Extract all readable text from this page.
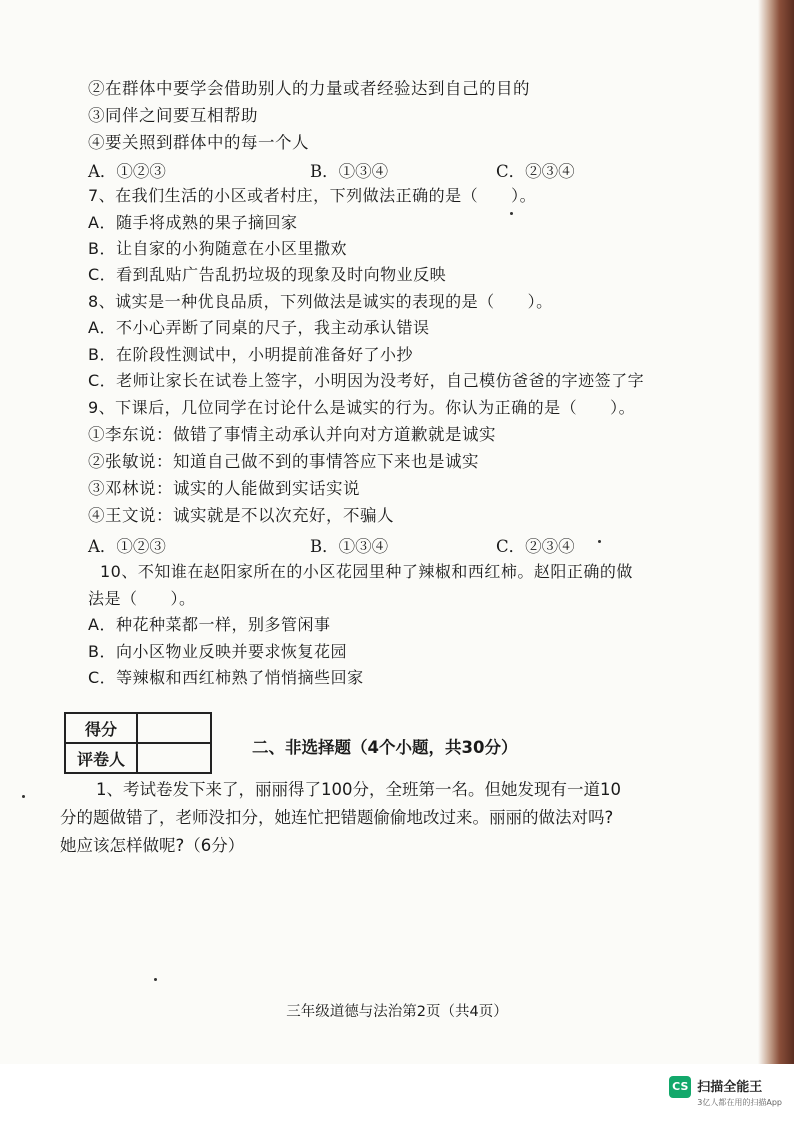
②在群体中要学会借助别人的力量或者经验达到自己的目的
③同伴之间要互相帮助
④要关照到群体中的每一个人
A．①②③	B．①③④	C．②③④
7、在我们生活的小区或者村庄，下列做法正确的是（　　）。
A．随手将成熟的果子摘回家
B．让自家的小狗随意在小区里撒欢
C．看到乱贴广告乱扔垃圾的现象及时向物业反映
8、诚实是一种优良品质，下列做法是诚实的表现的是（　　）。
A．不小心弄断了同桌的尺子，我主动承认错误
B．在阶段性测试中，小明提前准备好了小抄
C．老师让家长在试卷上签字，小明因为没考好，自己模仿爸爸的字迹签了字
9、下课后，几位同学在讨论什么是诚实的行为。你认为正确的是（　　）。
①李东说：做错了事情主动承认并向对方道歉就是诚实
②张敏说：知道自己做不到的事情答应下来也是诚实
③邓林说：诚实的人能做到实话实说
④王文说：诚实就是不以次充好，不骗人
A．①②③	B．①③④	C．②③④
10、不知谁在赵阳家所在的小区花园里种了辣椒和西红柿。赵阳正确的做
法是（　　）。
A．种花种菜都一样，别多管闲事
B．向小区物业反映并要求恢复花园
C．等辣椒和西红柿熟了悄悄摘些回家
得分	
评卷人	
二、非选择题（4个小题，共30分）
1、考试卷发下来了，丽丽得了100分，全班第一名。但她发现有一道10
分的题做错了，老师没扣分，她连忙把错题偷偷地改过来。丽丽的做法对吗?
她应该怎样做呢?（6分）
三年级道德与法治第2页（共4页）
CS 扫描全能王
3亿人都在用的扫描App
